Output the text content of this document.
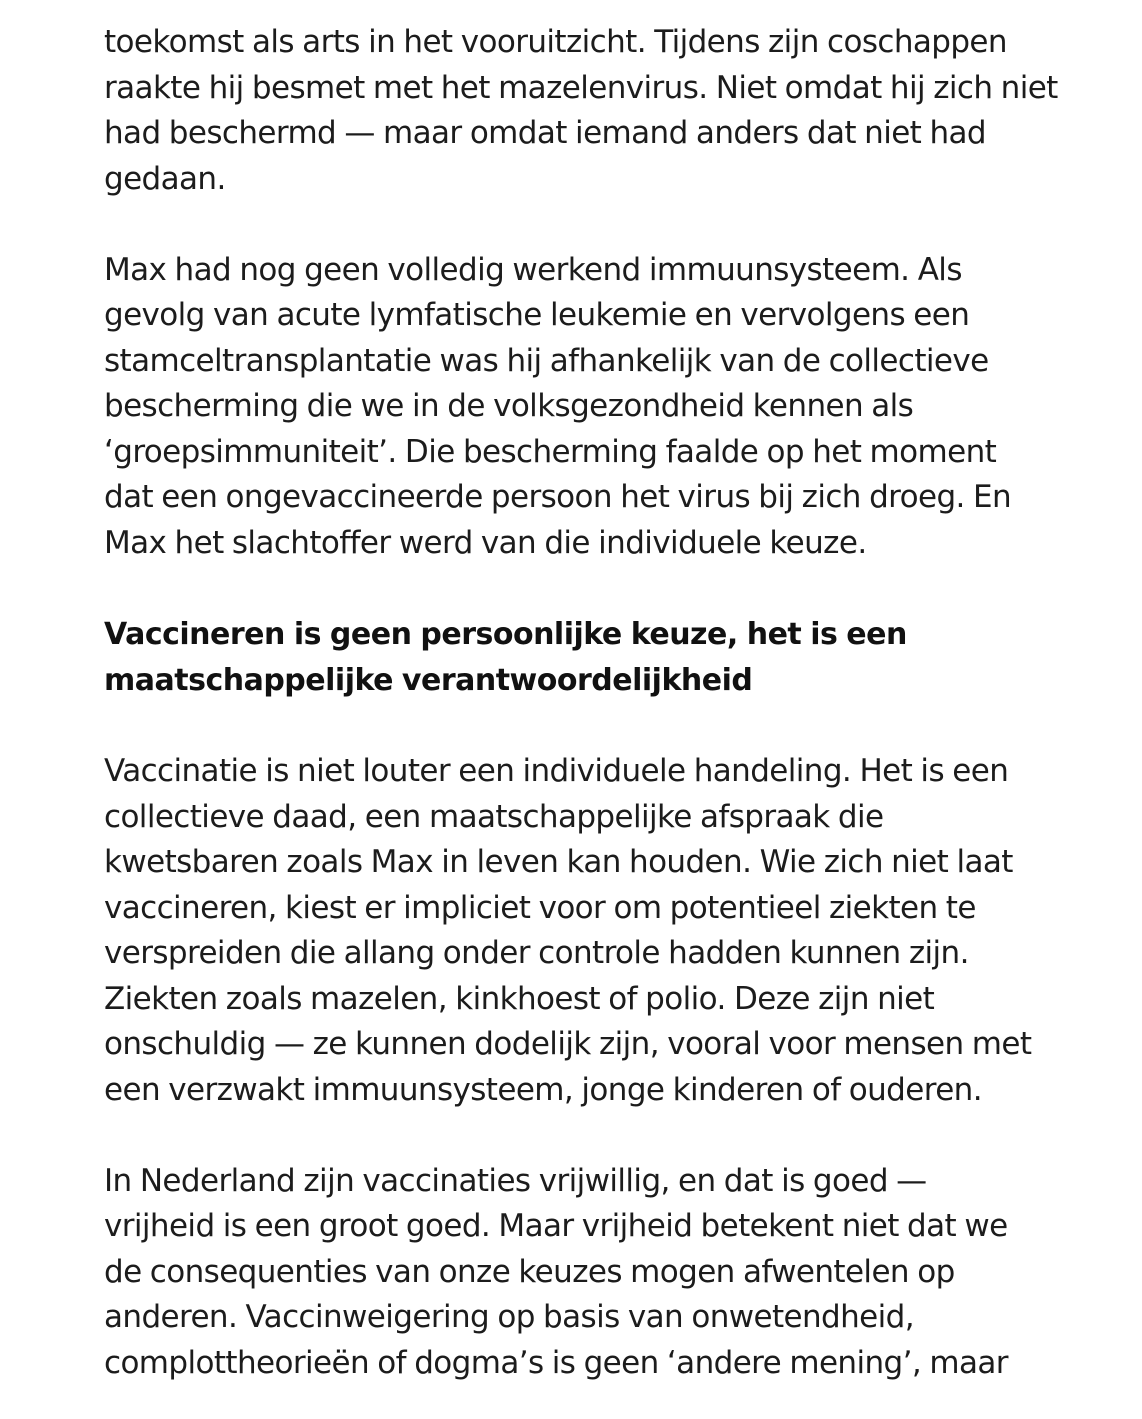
toekomst als arts in het vooruitzicht. Tijdens zijn coschappen
raakte hij besmet met het mazelenvirus. Niet omdat hij zich niet
had beschermd — maar omdat iemand anders dat niet had
gedaan.

Max had nog geen volledig werkend immuunsysteem. Als
gevolg van acute lymfatische leukemie en vervolgens een
stamceltransplantatie was hij afhankelijk van de collectieve
bescherming die we in de volksgezondheid kennen als
‘groepsimmuniteit’. Die bescherming faalde op het moment
dat een ongevaccineerde persoon het virus bij zich droeg. En
Max het slachtoffer werd van die individuele keuze.

Vaccineren is geen persoonlijke keuze, het is een
maatschappelijke verantwoordelijkheid

Vaccinatie is niet louter een individuele handeling. Het is een
collectieve daad, een maatschappelijke afspraak die
kwetsbaren zoals Max in leven kan houden. Wie zich niet laat
vaccineren, kiest er impliciet voor om potentieel ziekten te
verspreiden die allang onder controle hadden kunnen zijn.
Ziekten zoals mazelen, kinkhoest of polio. Deze zijn niet
onschuldig — ze kunnen dodelijk zijn, vooral voor mensen met
een verzwakt immuunsysteem, jonge kinderen of ouderen.

In Nederland zijn vaccinaties vrijwillig, en dat is goed —
vrijheid is een groot goed. Maar vrijheid betekent niet dat we
de consequenties van onze keuzes mogen afwentelen op
anderen. Vaccinweigering op basis van onwetendheid,
complottheorieën of dogma’s is geen ‘andere mening’, maar
